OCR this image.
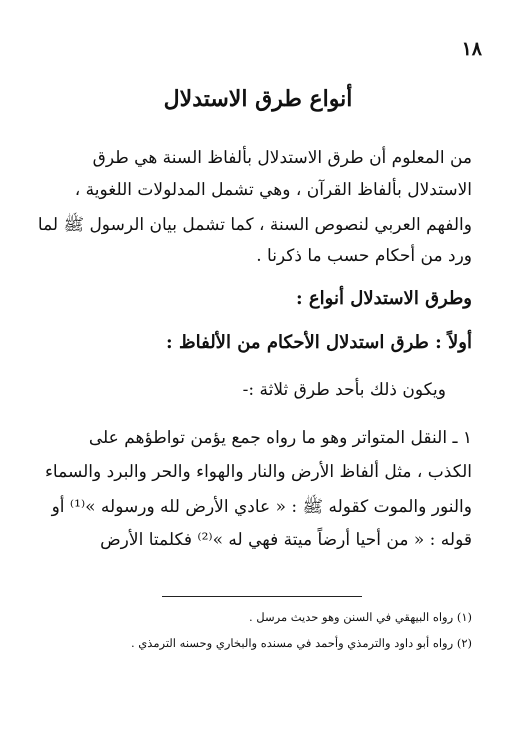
١٨
أنواع طرق الاستدلال
من المعلوم أن طرق الاستدلال بألفاظ السنة هي طرق
الاستدلال بألفاظ القرآن ، وهي تشمل المدلولات اللغوية ،
والفهم العربي لنصوص السنة ، كما تشمل بيان الرسول ﷺ لما
ورد من أحكام حسب ما ذكرنا .
وطرق الاستدلال أنواع :
أولاً : طرق استدلال الأحكام من الألفاظ :
ويكون ذلك بأحد طرق ثلاثة :-
١ ـ النقل المتواتر وهو ما رواه جمع يؤمن تواطؤهم على
الكذب ، مثل ألفاظ الأرض والنار والهواء والحر والبرد والسماء
والنور والموت كقوله ﷺ : « عادي الأرض لله ورسوله »⁽¹⁾ أو
قوله : « من أحيا أرضاً ميتة فهي له »⁽²⁾ فكلمتا الأرض
(١) رواه البيهقي في السنن وهو حديث مرسل .
(٢) رواه أبو داود والترمذي وأحمد في مسنده والبخاري وحسنه الترمذي .
